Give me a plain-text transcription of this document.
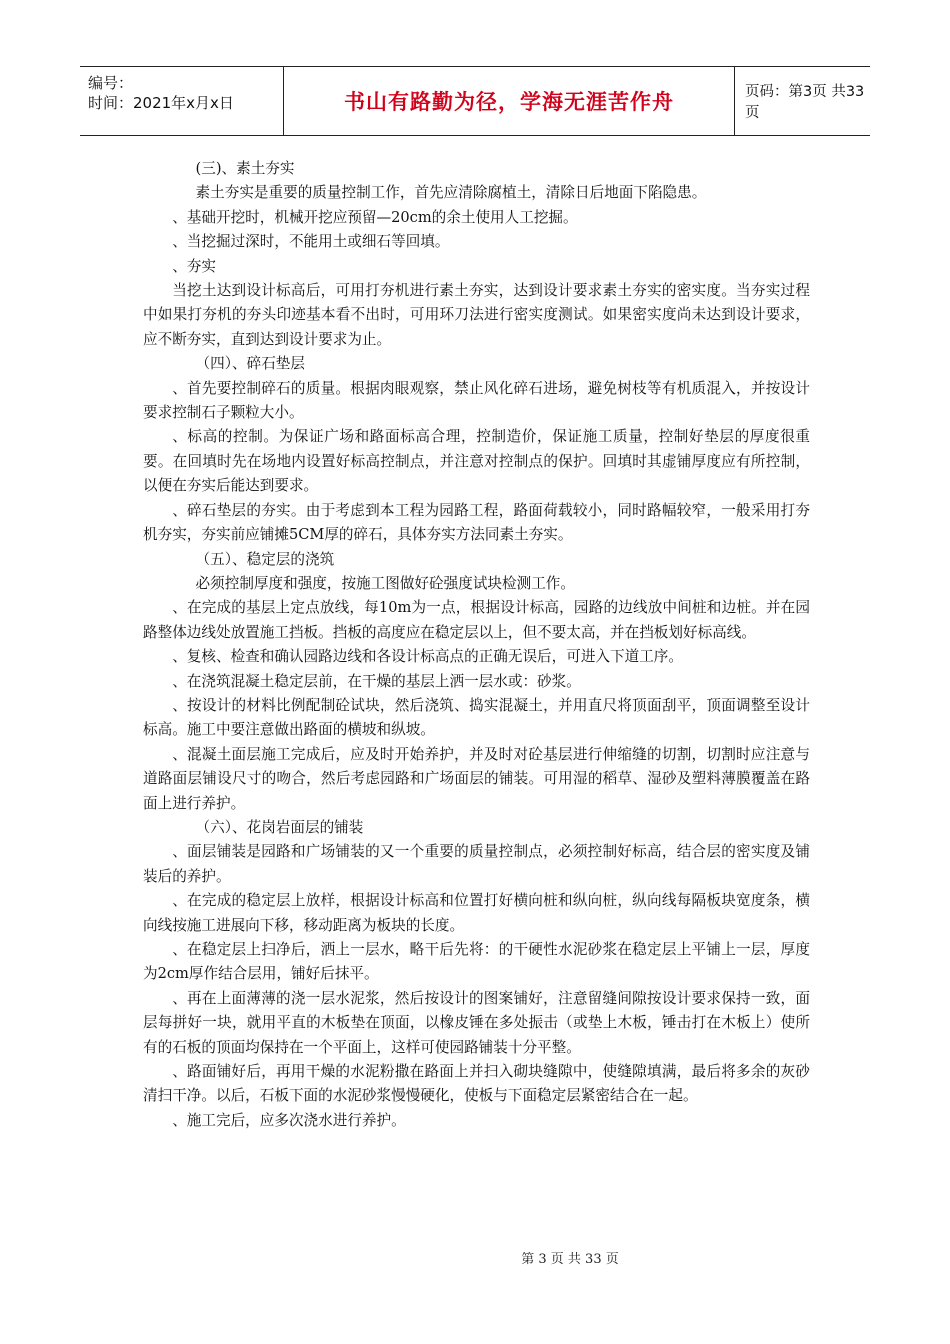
编号：
时间：2021年x月x日	书山有路勤为径，学海无涯苦作舟	页码：第3页 共33页

(三)、素土夯实

素土夯实是重要的质量控制工作，首先应清除腐植土，清除日后地面下陷隐患。

、基础开挖时，机械开挖应预留—20cm的余土使用人工挖掘。

、当挖掘过深时，不能用土或细石等回填。

、夯实

当挖土达到设计标高后，可用打夯机进行素土夯实，达到设计要求素土夯实的密实度。当夯实过程中如果打夯机的夯头印迹基本看不出时，可用环刀法进行密实度测试。如果密实度尚未达到设计要求，应不断夯实，直到达到设计要求为止。

（四）、碎石垫层

、首先要控制碎石的质量。根据肉眼观察，禁止风化碎石进场，避免树枝等有机质混入，并按设计要求控制石子颗粒大小。

、标高的控制。为保证广场和路面标高合理，控制造价，保证施工质量，控制好垫层的厚度很重要。在回填时先在场地内设置好标高控制点，并注意对控制点的保护。回填时其虚铺厚度应有所控制，以便在夯实后能达到要求。

、碎石垫层的夯实。由于考虑到本工程为园路工程，路面荷载较小，同时路幅较窄，一般采用打夯机夯实，夯实前应铺摊5CM厚的碎石，具体夯实方法同素土夯实。

（五）、稳定层的浇筑

必须控制厚度和强度，按施工图做好砼强度试块检测工作。

、在完成的基层上定点放线，每10m为一点，根据设计标高，园路的边线放中间桩和边桩。并在园路整体边线处放置施工挡板。挡板的高度应在稳定层以上，但不要太高，并在挡板划好标高线。

、复核、检查和确认园路边线和各设计标高点的正确无误后，可进入下道工序。

、在浇筑混凝土稳定层前，在干燥的基层上洒一层水或：砂浆。

、按设计的材料比例配制砼试块，然后浇筑、捣实混凝土，并用直尺将顶面刮平，顶面调整至设计标高。施工中要注意做出路面的横坡和纵坡。

、混凝土面层施工完成后，应及时开始养护，并及时对砼基层进行伸缩缝的切割，切割时应注意与道路面层铺设尺寸的吻合，然后考虑园路和广场面层的铺装。可用湿的稻草、湿砂及塑料薄膜覆盖在路面上进行养护。

（六）、花岗岩面层的铺装

、面层铺装是园路和广场铺装的又一个重要的质量控制点，必须控制好标高，结合层的密实度及铺装后的养护。

、在完成的稳定层上放样，根据设计标高和位置打好横向桩和纵向桩，纵向线每隔板块宽度条，横向线按施工进展向下移，移动距离为板块的长度。

、在稳定层上扫净后，洒上一层水，略干后先将：的干硬性水泥砂浆在稳定层上平铺上一层，厚度为2cm厚作结合层用，铺好后抹平。

、再在上面薄薄的浇一层水泥浆，然后按设计的图案铺好，注意留缝间隙按设计要求保持一致，面层每拼好一块，就用平直的木板垫在顶面，以橡皮锤在多处振击（或垫上木板，锤击打在木板上）使所有的石板的顶面均保持在一个平面上，这样可使园路铺装十分平整。

、路面铺好后，再用干燥的水泥粉撒在路面上并扫入砌块缝隙中，使缝隙填满，最后将多余的灰砂清扫干净。以后，石板下面的水泥砂浆慢慢硬化，使板与下面稳定层紧密结合在一起。

、施工完后，应多次浇水进行养护。

第 3 页 共 33 页
